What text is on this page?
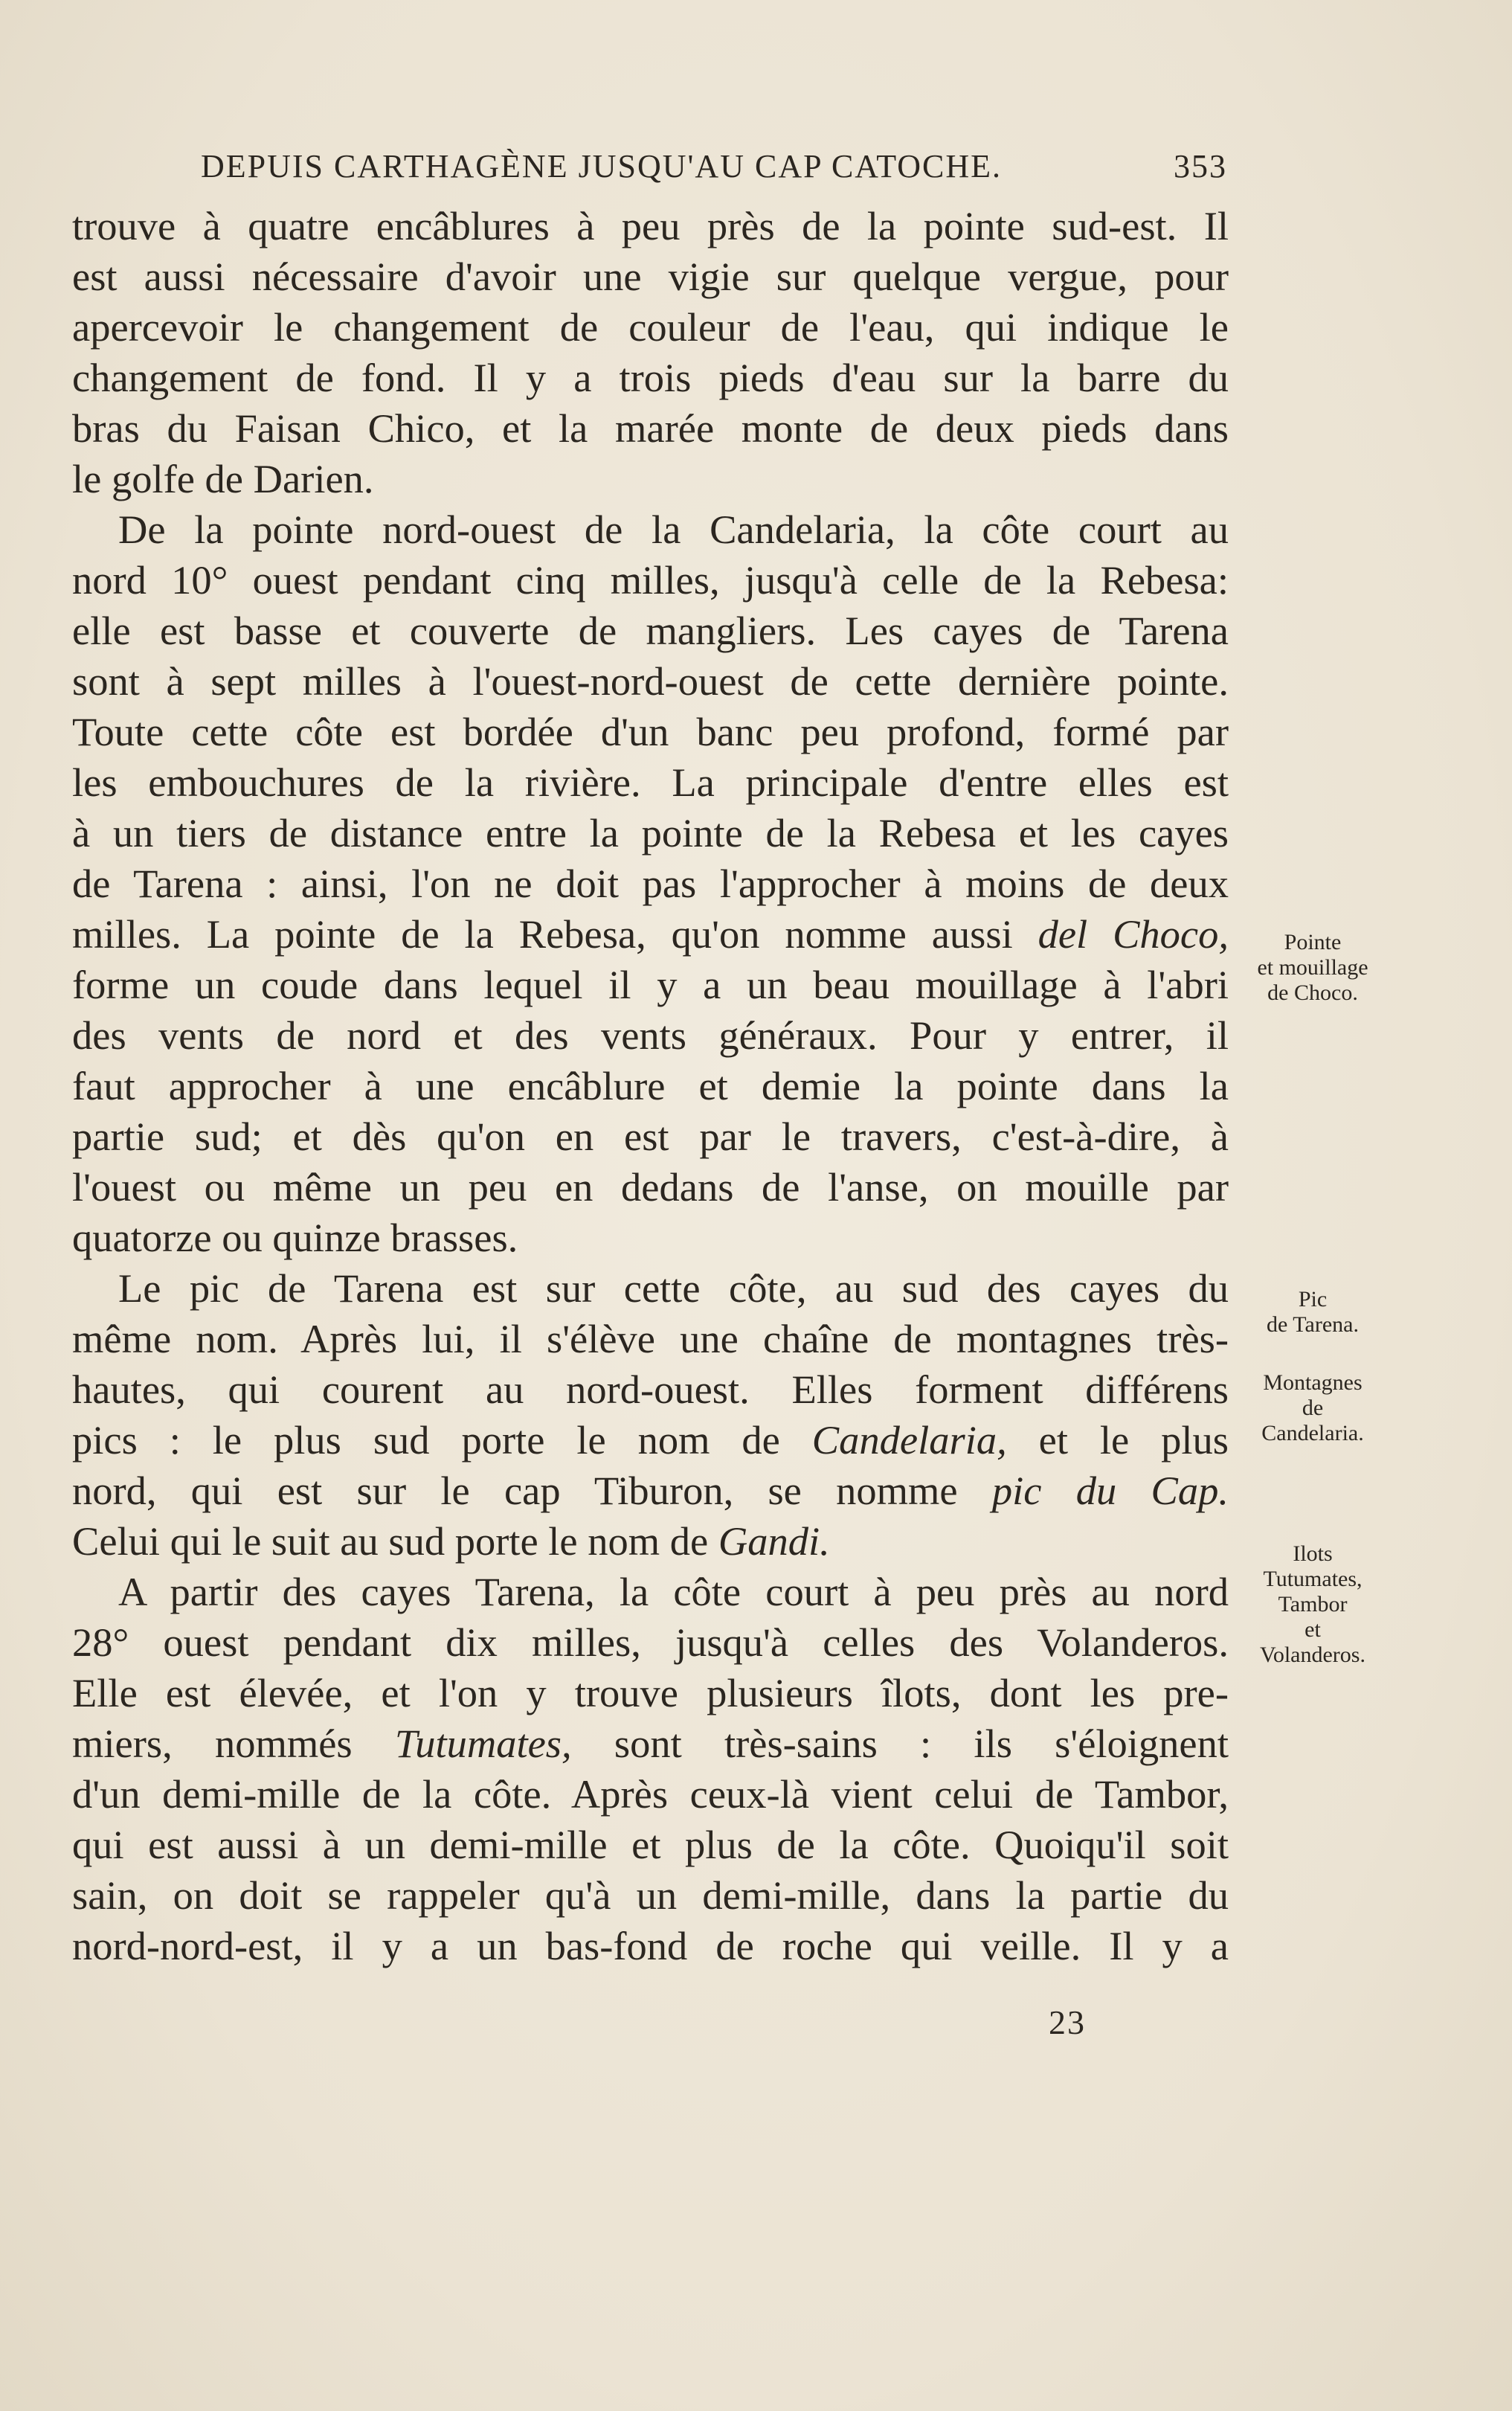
DEPUIS CARTHAGÈNE JUSQU'AU CAP CATOCHE.	353
trouve à quatre encâblures à peu près de la pointe sud-est. Il
est aussi nécessaire d'avoir une vigie sur quelque vergue, pour
apercevoir le changement de couleur de l'eau, qui indique le
changement de fond. Il y a trois pieds d'eau sur la barre du
bras du Faisan Chico, et la marée monte de deux pieds dans
le golfe de Darien.
De la pointe nord-ouest de la Candelaria, la côte court au
nord 10° ouest pendant cinq milles, jusqu'à celle de la Rebesa:
elle est basse et couverte de mangliers. Les cayes de Tarena
sont à sept milles à l'ouest-nord-ouest de cette dernière pointe.
Toute cette côte est bordée d'un banc peu profond, formé par
les embouchures de la rivière. La principale d'entre elles est
à un tiers de distance entre la pointe de la Rebesa et les cayes
de Tarena : ainsi, l'on ne doit pas l'approcher à moins de deux
milles. La pointe de la Rebesa, qu'on nomme aussi del Choco,
forme un coude dans lequel il y a un beau mouillage à l'abri
des vents de nord et des vents généraux. Pour y entrer, il
faut approcher à une encâblure et demie la pointe dans la
partie sud; et dès qu'on en est par le travers, c'est-à-dire, à
l'ouest ou même un peu en dedans de l'anse, on mouille par
quatorze ou quinze brasses.
Le pic de Tarena est sur cette côte, au sud des cayes du
même nom. Après lui, il s'élève une chaîne de montagnes très-
hautes, qui courent au nord-ouest. Elles forment différens
pics : le plus sud porte le nom de Candelaria, et le plus
nord, qui est sur le cap Tiburon, se nomme pic du Cap.
Celui qui le suit au sud porte le nom de Gandi.
A partir des cayes Tarena, la côte court à peu près au nord
28° ouest pendant dix milles, jusqu'à celles des Volanderos.
Elle est élevée, et l'on y trouve plusieurs îlots, dont les pre-
miers, nommés Tutumates, sont très-sains : ils s'éloignent
d'un demi-mille de la côte. Après ceux-là vient celui de Tambor,
qui est aussi à un demi-mille et plus de la côte. Quoiqu'il soit
sain, on doit se rappeler qu'à un demi-mille, dans la partie du
nord-nord-est, il y a un bas-fond de roche qui veille. Il y a
Pointe
et mouillage
de Choco.
Pic
de Tarena.
Montagnes
de
Candelaria.
Ilots
Tutumates,
Tambor
et
Volanderos.
23
